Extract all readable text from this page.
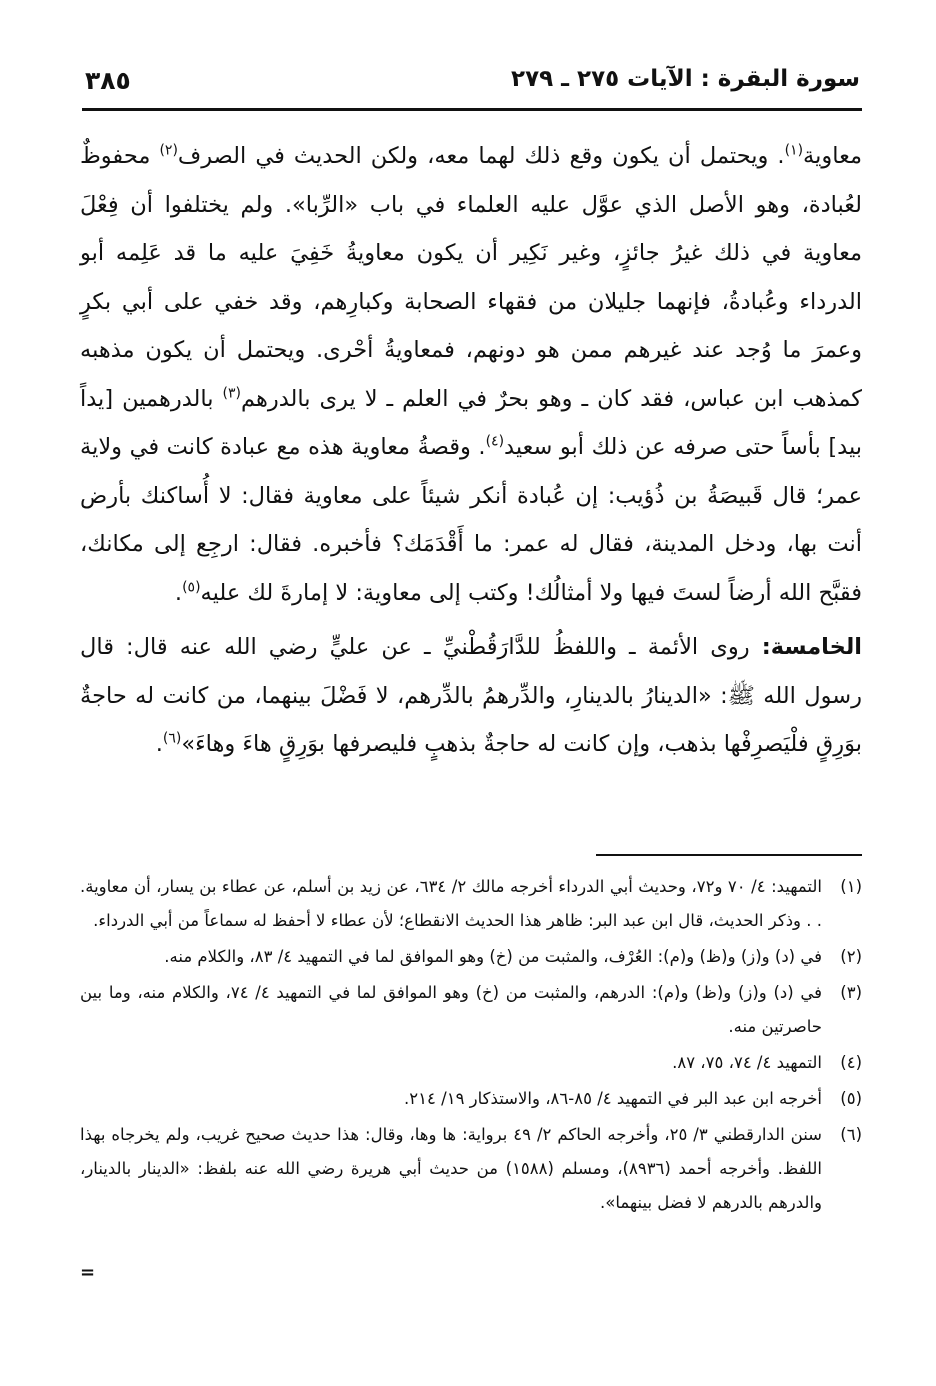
سورة البقرة : الآيات ٢٧٥ ـ ٢٧٩
٣٨٥

معاوية$^{(١)}$. ويحتمل أن يكون وقع ذلك لهما معه، ولكن الحديث في الصرف$^{(٢)}$ محفوظٌ لعُبادة، وهو الأصل الذي عوَّل عليه العلماء في باب «الرِّبا». ولم يختلفوا أن فِعْلَ معاوية في ذلك غيرُ جائزٍ، وغير نَكِير أن يكون معاويةُ خَفِيَ عليه ما قد عَلِمه أبو الدرداء وعُبادةُ، فإنهما جليلان من فقهاء الصحابة وكبارِهم، وقد خفي على أبي بكرٍ وعمرَ ما وُجد عند غيرهم ممن هو دونهم، فمعاويةُ أحْرى. ويحتمل أن يكون مذهبه كمذهب ابن عباس، فقد كان ـ وهو بحرٌ في العلم ـ لا يرى بالدرهم$^{(٣)}$ بالدرهمين [يداً بيد] بأساً حتى صرفه عن ذلك أبو سعيد$^{(٤)}$. وقصةُ معاوية هذه مع عبادة كانت في ولاية عمر؛ قال قَبيصَةُ بن ذُؤيب: إن عُبادة أنكر شيئاً على معاوية فقال: لا أُساكنك بأرض أنت بها، ودخل المدينة، فقال له عمر: ما أَقْدَمَك؟ فأخبره. فقال: ارجِع إلى مكانك، فقبَّح الله أرضاً لستَ فيها ولا أمثالُك! وكتب إلى معاوية: لا إمارةَ لك عليه$^{(٥)}$.

الخامسة: روى الأئمة ـ واللفظُ للدَّارَقُطْنيِّ ـ عن عليٍّ رضي الله عنه قال: قال رسول الله ﷺ: «الدينارُ بالدينارِ، والدِّرهمُ بالدِّرهم، لا فَضْلَ بينهما، من كانت له حاجةٌ بوَرِقٍ فلْيَصرِفْها بذهب، وإن كانت له حاجةٌ بذهبٍ فليصرفها بوَرِقٍ هاءَ وهاءَ»$^{(٦)}$.

(١)
التمهيد: ٤/ ٧٠ و٧٢، وحديث أبي الدرداء أخرجه مالك ٢/ ٦٣٤، عن زيد بن أسلم، عن عطاء بن يسار، أن معاوية. . . وذكر الحديث، قال ابن عبد البر: ظاهر هذا الحديث الانقطاع؛ لأن عطاء لا أحفظ له سماعاً من أبي الدرداء.
(٢)
في (د) و(ز) و(ظ) و(م): العُرْف، والمثبت من (خ) وهو الموافق لما في التمهيد ٤/ ٨٣، والكلام منه.
(٣)
في (د) و(ز) و(ظ) و(م): الدرهم، والمثبت من (خ) وهو الموافق لما في التمهيد ٤/ ٧٤، والكلام منه، وما بين حاصرتين منه.
(٤)
التمهيد ٤/ ٧٤، ٧٥، ٨٧.
(٥)
أخرجه ابن عبد البر في التمهيد ٤/ ٨٥-٨٦، والاستذكار ١٩/ ٢١٤.
(٦)
سنن الدارقطني ٣/ ٢٥، وأخرجه الحاكم ٢/ ٤٩ برواية: ها وها، وقال: هذا حديث صحيح غريب، ولم يخرجاه بهذا اللفظ. وأخرجه أحمد (٨٩٣٦)، ومسلم (١٥٨٨) من حديث أبي هريرة رضي الله عنه بلفظ: «الدينار بالدينار، والدرهم بالدرهم لا فضل بينهما».
=
